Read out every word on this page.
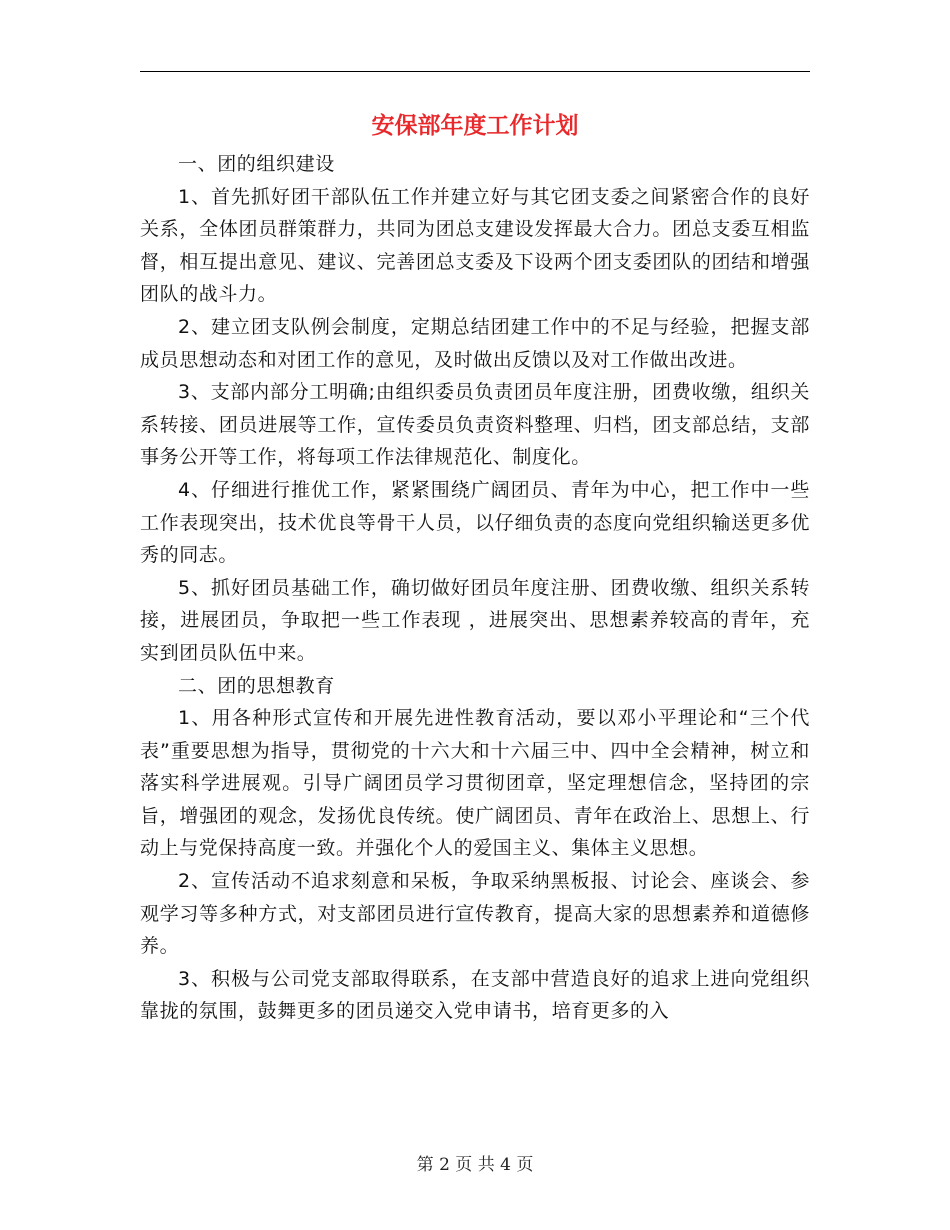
安保部年度工作计划

一、团的组织建设

1、首先抓好团干部队伍工作并建立好与其它团支委之间紧密合作的良好关系，全体团员群策群力，共同为团总支建设发挥最大合力。团总支委互相监督，相互提出意见、建议、完善团总支委及下设两个团支委团队的团结和增强团队的战斗力。

2、建立团支队例会制度，定期总结团建工作中的不足与经验，把握支部成员思想动态和对团工作的意见，及时做出反馈以及对工作做出改进。

3、支部内部分工明确;由组织委员负责团员年度注册，团费收缴，组织关系转接、团员进展等工作，宣传委员负责资料整理、归档，团支部总结，支部事务公开等工作，将每项工作法律规范化、制度化。

4、仔细进行推优工作，紧紧围绕广阔团员、青年为中心，把工作中一些工作表现突出，技术优良等骨干人员，以仔细负责的态度向党组织输送更多优秀的同志。

5、抓好团员基础工作，确切做好团员年度注册、团费收缴、组织关系转接，进展团员，争取把一些工作表现 ，进展突出、思想素养较高的青年，充实到团员队伍中来。

二、团的思想教育

1、用各种形式宣传和开展先进性教育活动，要以邓小平理论和“三个代表”重要思想为指导，贯彻党的十六大和十六届三中、四中全会精神，树立和落实科学进展观。引导广阔团员学习贯彻团章，坚定理想信念，坚持团的宗旨，增强团的观念，发扬优良传统。使广阔团员、青年在政治上、思想上、行动上与党保持高度一致。并强化个人的爱国主义、集体主义思想。

2、宣传活动不追求刻意和呆板，争取采纳黑板报、讨论会、座谈会、参观学习等多种方式，对支部团员进行宣传教育，提高大家的思想素养和道德修养。

3、积极与公司党支部取得联系，在支部中营造良好的追求上进向党组织靠拢的氛围，鼓舞更多的团员递交入党申请书，培育更多的入

第 2 页 共 4 页
